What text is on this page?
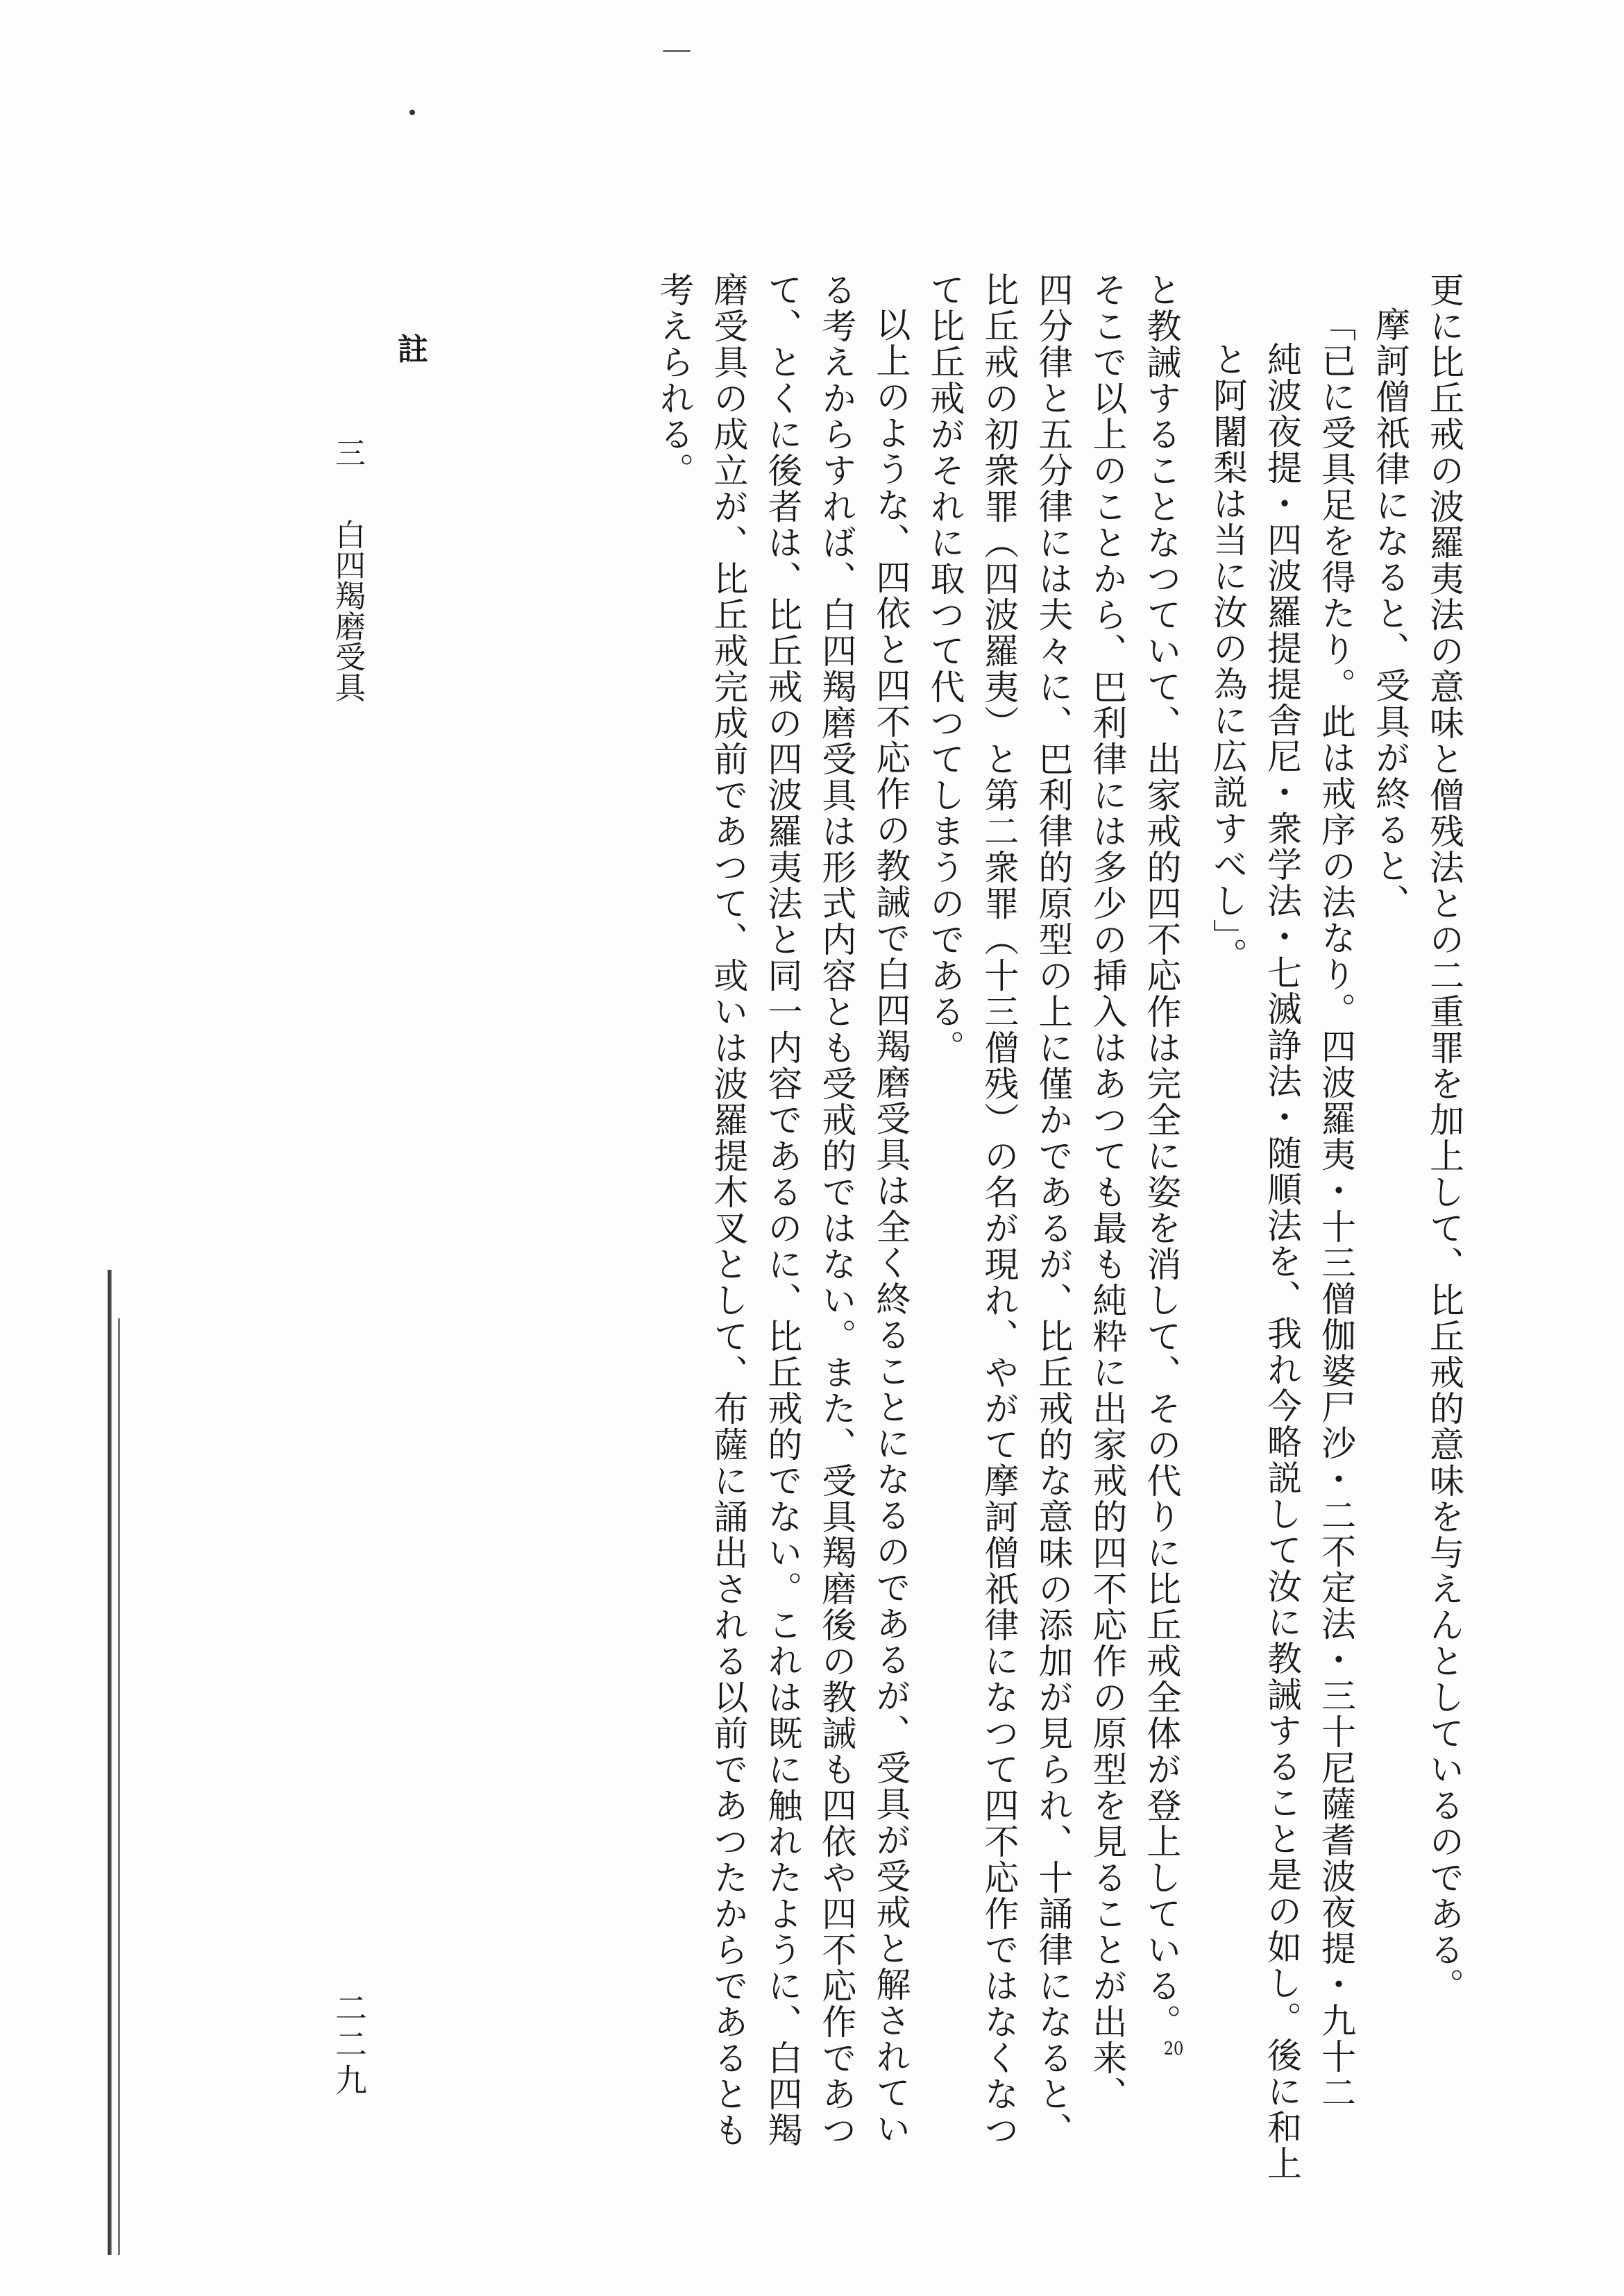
更に比丘戒の波羅夷法の意味と僧残法との二重罪を加上して、比丘戒的意味を与えんとしているのである。
摩訶僧祇律になると、受具が終ると、
「已に受具足を得たり。此は戒序の法なり。四波羅夷・十三僧伽婆尸沙・二不定法・三十尼薩耆波夜提・九十二
純波夜提・四波羅提提舎尼・衆学法・七滅諍法・随順法を、我れ今略説して汝に教誡すること是の如し。後に和上
と阿闍梨は当に汝の為に広説すべし」。
と教誡することなつていて、出家戒的四不応作は完全に姿を消して、その代りに比丘戒全体が登上している。$^{20}$
そこで以上のことから、巴利律には多少の挿入はあつても最も純粋に出家戒的四不応作の原型を見ることが出来、
四分律と五分律には夫々に、巴利律的原型の上に僅かであるが、比丘戒的な意味の添加が見られ、十誦律になると、
比丘戒の初衆罪（四波羅夷）と第二衆罪（十三僧残）の名が現れ、やがて摩訶僧祇律になつて四不応作ではなくなつ
て比丘戒がそれに取つて代つてしまうのである。
以上のような、四依と四不応作の教誡で白四羯磨受具は全く終ることになるのであるが、受具が受戒と解されてい
る考えからすれば、白四羯磨受具は形式内容とも受戒的ではない。また、受具羯磨後の教誡も四依や四不応作であつ
て、とくに後者は、比丘戒の四波羅夷法と同一内容であるのに、比丘戒的でない。これは既に触れたように、白四羯
磨受具の成立が、比丘戒完成前であつて、或いは波羅提木叉として、布薩に誦出される以前であつたからであるとも
考えられる。
註
三　白四羯磨受具
二二九
